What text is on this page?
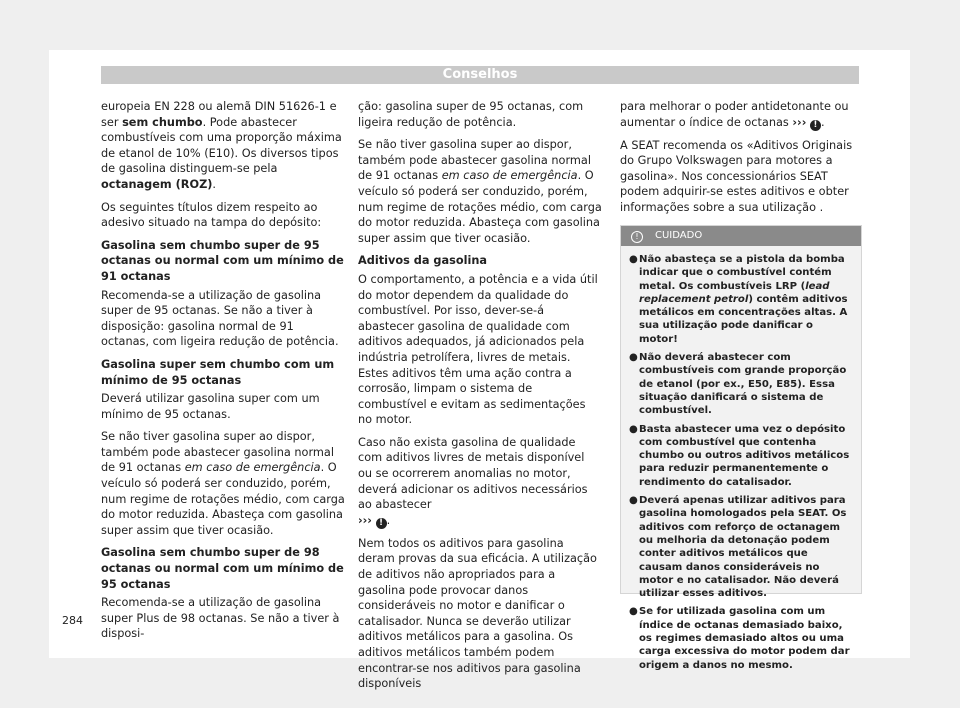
Conselhos

europeia EN 228 ou alemã DIN 51626-1 e ser sem chumbo. Pode abastecer combustíveis com uma proporção máxima de etanol de 10% (E10). Os diversos tipos de gasolina distinguem-se pela octanagem (ROZ).

Os seguintes títulos dizem respeito ao adesivo situado na tampa do depósito:

Gasolina sem chumbo super de 95 octanas ou normal com um mínimo de 91 octanas

Recomenda-se a utilização de gasolina super de 95 octanas. Se não a tiver à disposição: gasolina normal de 91 octanas, com ligeira redução de potência.

Gasolina super sem chumbo com um mínimo de 95 octanas

Deverá utilizar gasolina super com um mínimo de 95 octanas.

Se não tiver gasolina super ao dispor, também pode abastecer gasolina normal de 91 octanas em caso de emergência. O veículo só poderá ser conduzido, porém, num regime de rotações médio, com carga do motor reduzida. Abasteça com gasolina super assim que tiver ocasião.

Gasolina sem chumbo super de 98 octanas ou normal com um mínimo de 95 octanas

Recomenda-se a utilização de gasolina super Plus de 98 octanas. Se não a tiver à disposi-

ção: gasolina super de 95 octanas, com ligeira redução de potência.

Se não tiver gasolina super ao dispor, também pode abastecer gasolina normal de 91 octanas em caso de emergência. O veículo só poderá ser conduzido, porém, num regime de rotações médio, com carga do motor reduzida. Abasteça com gasolina super assim que tiver ocasião.

Aditivos da gasolina

O comportamento, a potência e a vida útil do motor dependem da qualidade do combustível. Por isso, dever-se-á abastecer gasolina de qualidade com aditivos adequados, já adicionados pela indústria petrolífera, livres de metais. Estes aditivos têm uma ação contra a corrosão, limpam o sistema de combustível e evitam as sedimentações no motor.

Caso não exista gasolina de qualidade com aditivos livres de metais disponível ou se ocorrerem anomalias no motor, deverá adicionar os aditivos necessários ao abastecer
››› ! .

Nem todos os aditivos para gasolina deram provas da sua eficácia. A utilização de aditivos não apropriados para a gasolina pode provocar danos consideráveis no motor e danificar o catalisador. Nunca se deverão utilizar aditivos metálicos para a gasolina. Os aditivos metálicos também podem encontrar-se nos aditivos para gasolina disponíveis

para melhorar o poder antidetonante ou aumentar o índice de octanas ››› ! .

A SEAT recomenda os «Aditivos Originais do Grupo Volkswagen para motores a gasolina». Nos concessionários SEAT podem adquirir-se estes aditivos e obter informações sobre a sua utilização .

! CUIDADO
● Não abasteça se a pistola da bomba indicar que o combustível contém metal. Os combustíveis LRP (lead replacement petrol) contêm aditivos metálicos em concentrações altas. A sua utilização pode danificar o motor!
● Não deverá abastecer com combustíveis com grande proporção de etanol (por ex., E50, E85). Essa situação danificará o sistema de combustível.
● Basta abastecer uma vez o depósito com combustível que contenha chumbo ou outros aditivos metálicos para reduzir permanentemente o rendimento do catalisador.
● Deverá apenas utilizar aditivos para gasolina homologados pela SEAT. Os aditivos com reforço de octanagem ou melhoria da detonação podem conter aditivos metálicos que causam danos consideráveis no motor e no catalisador. Não deverá utilizar esses aditivos.
● Se for utilizada gasolina com um índice de octanas demasiado baixo, os regimes demasiado altos ou uma carga excessiva do motor podem dar origem a danos no mesmo.
284
